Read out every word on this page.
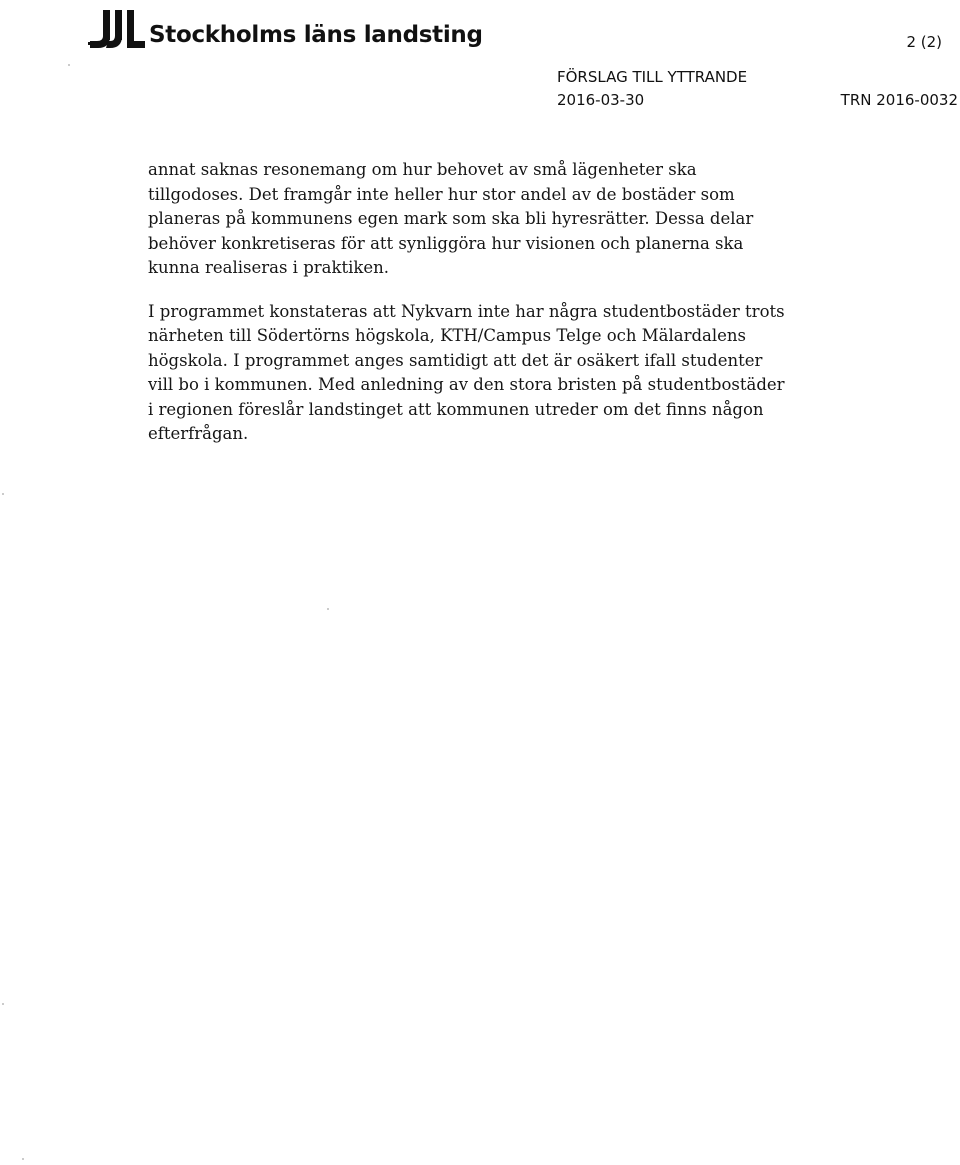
Stockholms läns landsting	2 (2)
FÖRSLAG TILL YTTRANDE
2016-03-30	TRN 2016-0032

annat saknas resonemang om hur behovet av små lägenheter ska
tillgodoses. Det framgår inte heller hur stor andel av de bostäder som
planeras på kommunens egen mark som ska bli hyresrätter. Dessa delar
behöver konkretiseras för att synliggöra hur visionen och planerna ska
kunna realiseras i praktiken.

I programmet konstateras att Nykvarn inte har några studentbostäder trots
närheten till Södertörns högskola, KTH/Campus Telge och Mälardalens
högskola. I programmet anges samtidigt att det är osäkert ifall studenter
vill bo i kommunen. Med anledning av den stora bristen på studentbostäder
i regionen föreslår landstinget att kommunen utreder om det finns någon
efterfrågan.
